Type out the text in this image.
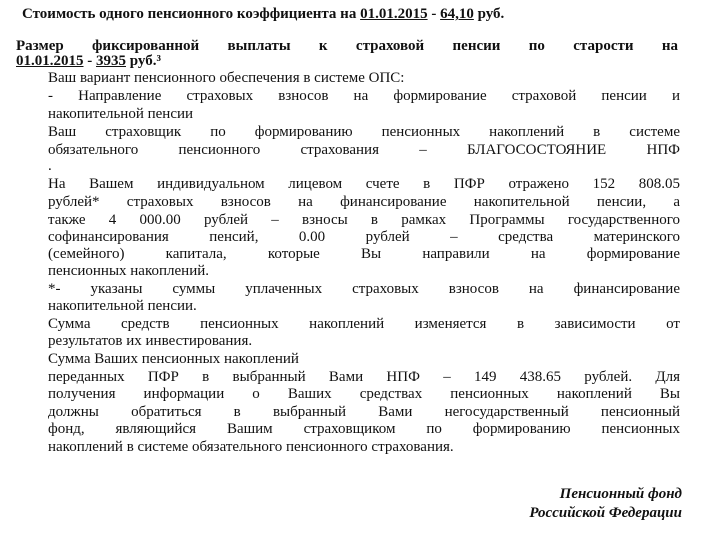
Стоимость одного пенсионного коэффициента на 01.01.2015 - 64,10 руб.
Размер фиксированной выплаты к страховой пенсии по старости на
01.01.2015 - 3935 руб.³
Ваш вариант пенсионного обеспечения в системе ОПС:
- Направление страховых взносов на формирование страховой пенсии и
накопительной пенсии
Ваш страховщик по формированию пенсионных накоплений в системе
обязательного пенсионного страхования – БЛАГОСОСТОЯНИЕ НПФ
.
На Вашем индивидуальном лицевом счете в ПФР отражено 152 808.05
рублей* страховых взносов на финансирование накопительной пенсии, а
также 4 000.00 рублей – взносы в рамках Программы государственного
софинансирования пенсий, 0.00 рублей – средства материнского
(семейного) капитала, которые Вы направили на формирование
пенсионных накоплений.
*- указаны суммы уплаченных страховых взносов на финансирование
накопительной пенсии.
Сумма средств пенсионных накоплений изменяется в зависимости от
результатов их инвестирования.
Сумма Ваших пенсионных накоплений
переданных ПФР в выбранный Вами НПФ – 149 438.65 рублей. Для
получения информации о Ваших средствах пенсионных накоплений Вы
должны обратиться в выбранный Вами негосударственный пенсионный
фонд, являющийся Вашим страховщиком по формированию пенсионных
накоплений в системе обязательного пенсионного страхования.
Пенсионный фонд
Российской Федерации
